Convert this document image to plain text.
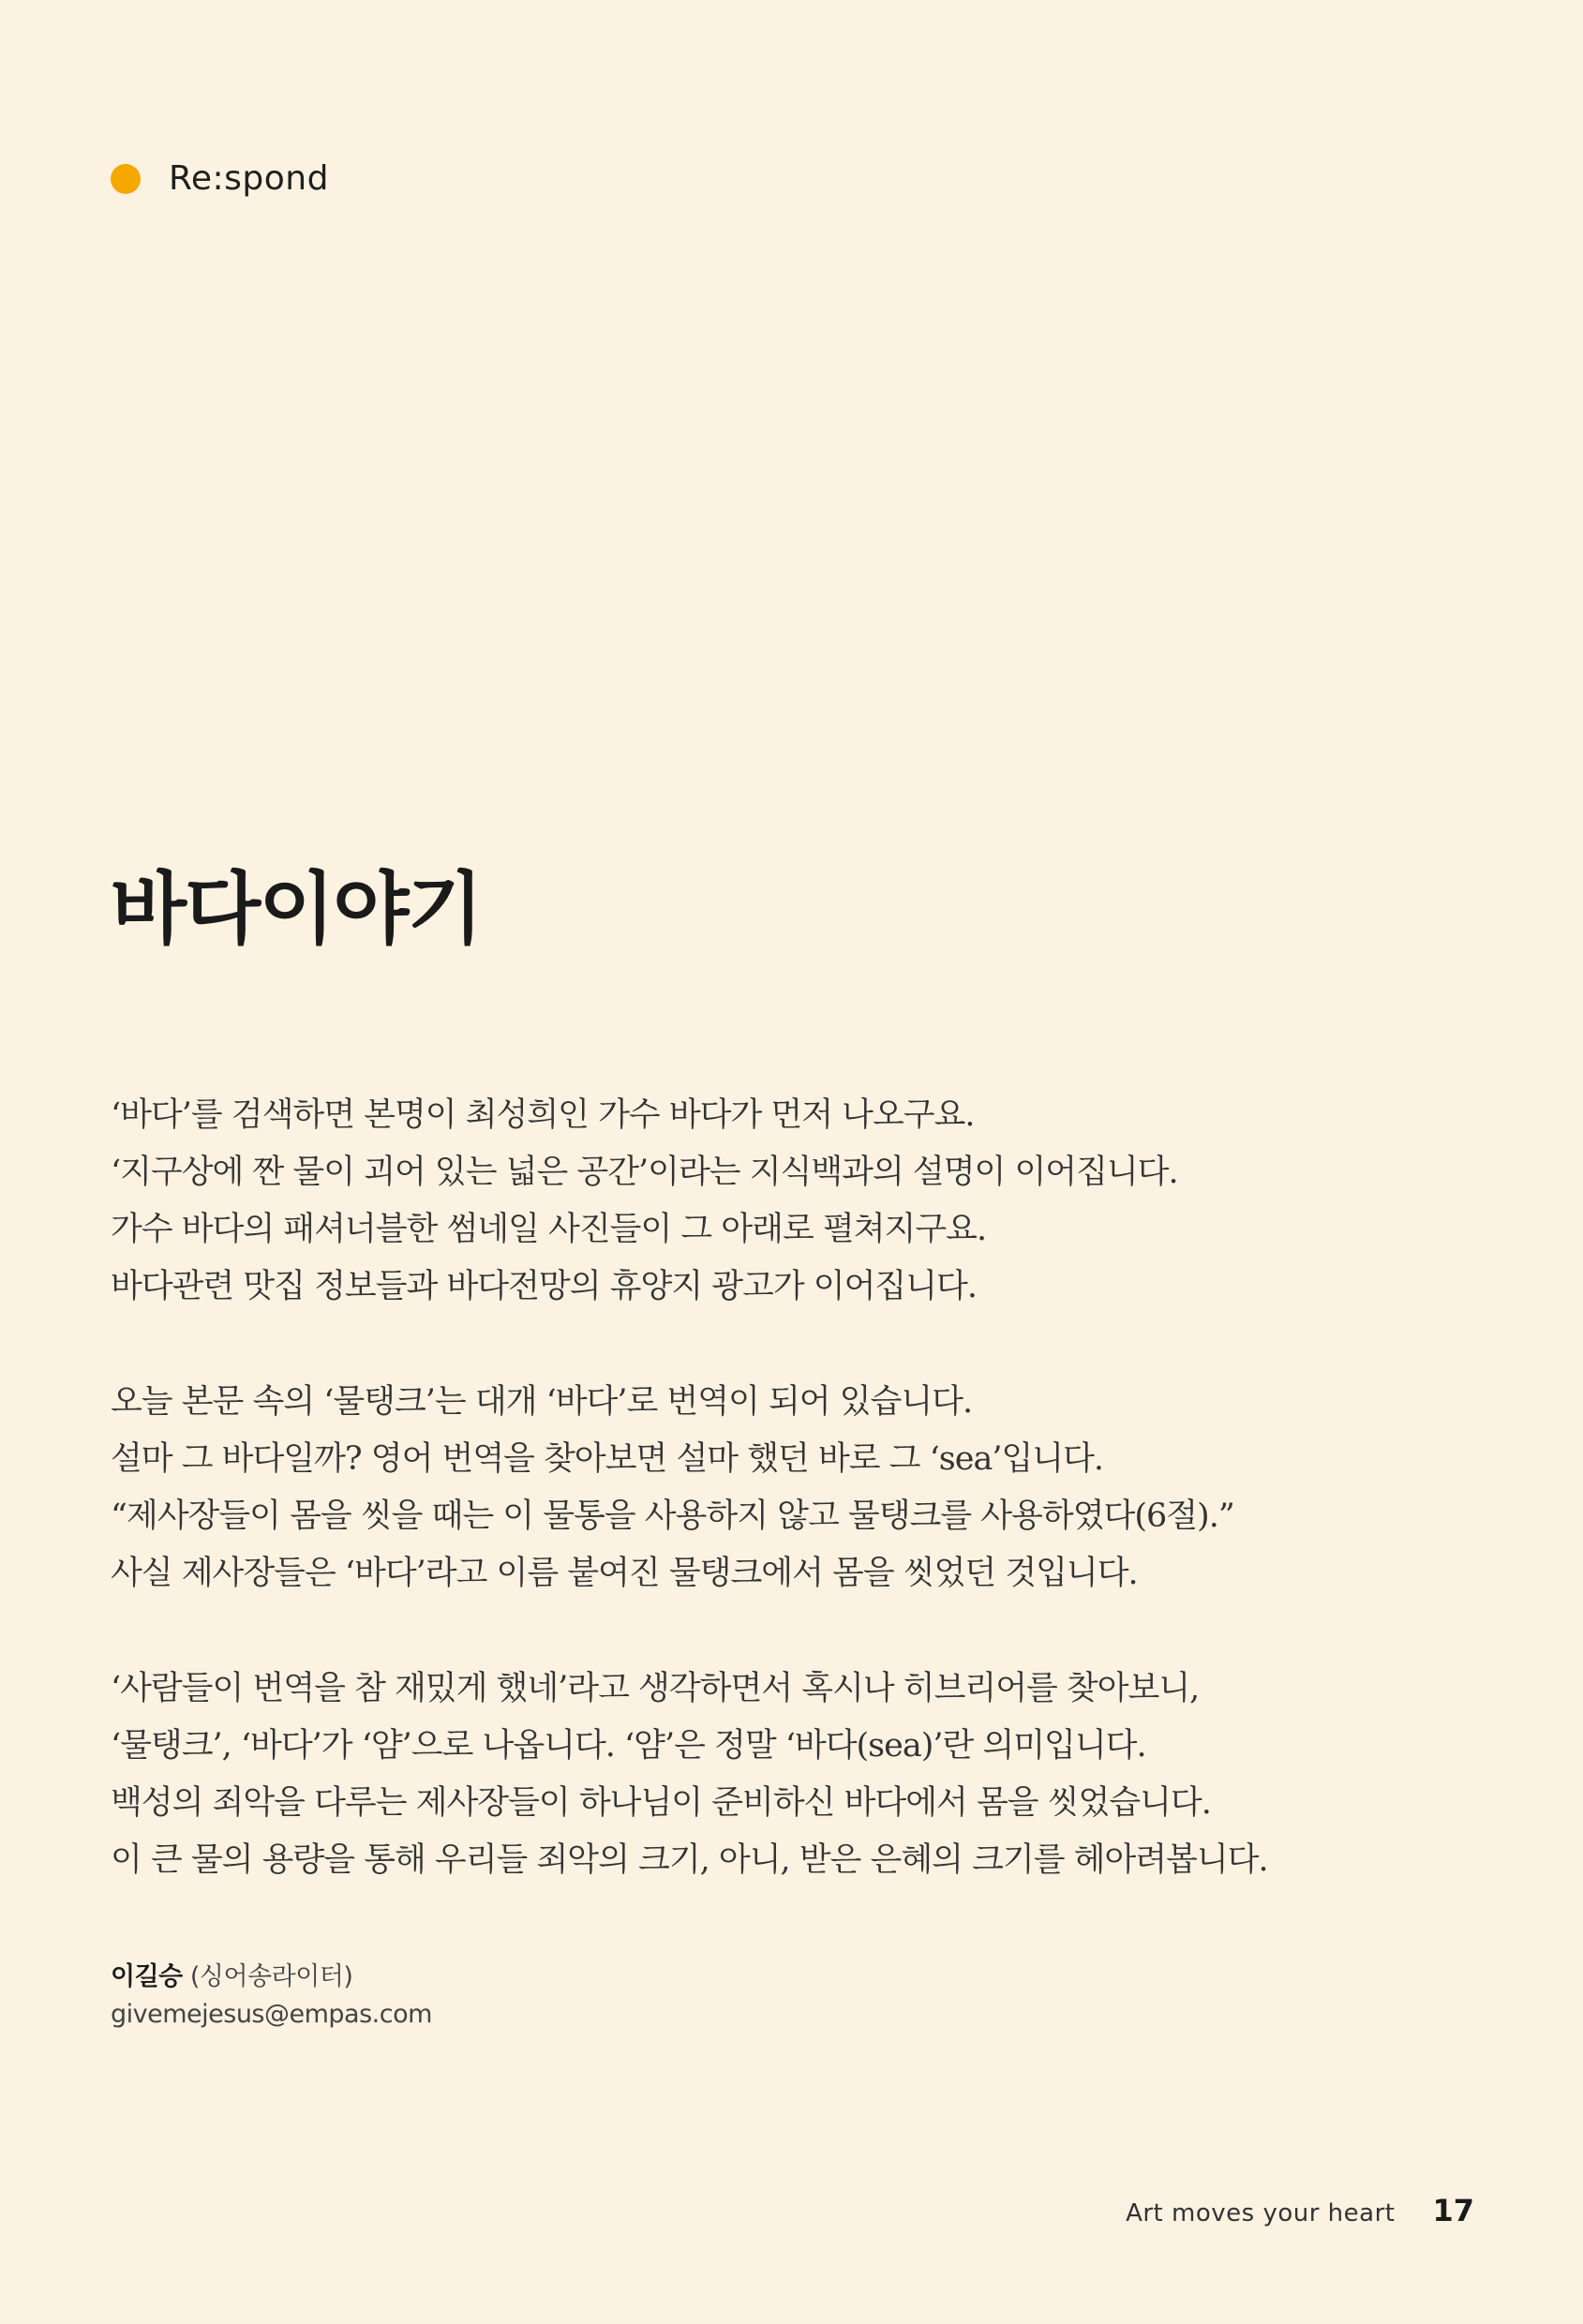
Re:spond
바다이야기

‘바다’를 검색하면 본명이 최성희인 가수 바다가 먼저 나오구요.
‘지구상에 짠 물이 괴어 있는 넓은 공간’이라는 지식백과의 설명이 이어집니다.
가수 바다의 패셔너블한 썸네일 사진들이 그 아래로 펼쳐지구요.
바다관련 맛집 정보들과 바다전망의 휴양지 광고가 이어집니다.

오늘 본문 속의 ‘물탱크’는 대개 ‘바다’로 번역이 되어 있습니다.
설마 그 바다일까? 영어 번역을 찾아보면 설마 했던 바로 그 ‘sea’입니다.
“제사장들이 몸을 씻을 때는 이 물통을 사용하지 않고 물탱크를 사용하였다(6절).”
사실 제사장들은 ‘바다’라고 이름 붙여진 물탱크에서 몸을 씻었던 것입니다.

‘사람들이 번역을 참 재밌게 했네’라고 생각하면서 혹시나 히브리어를 찾아보니,
‘물탱크’, ‘바다’가 ‘얌’으로 나옵니다. ‘얌’은 정말 ‘바다(sea)’란 의미입니다.
백성의 죄악을 다루는 제사장들이 하나님이 준비하신 바다에서 몸을 씻었습니다.
이 큰 물의 용량을 통해 우리들 죄악의 크기, 아니, 받은 은혜의 크기를 헤아려봅니다.

이길승 (싱어송라이터)
givemejesus@empas.com
Art moves your heart 17
